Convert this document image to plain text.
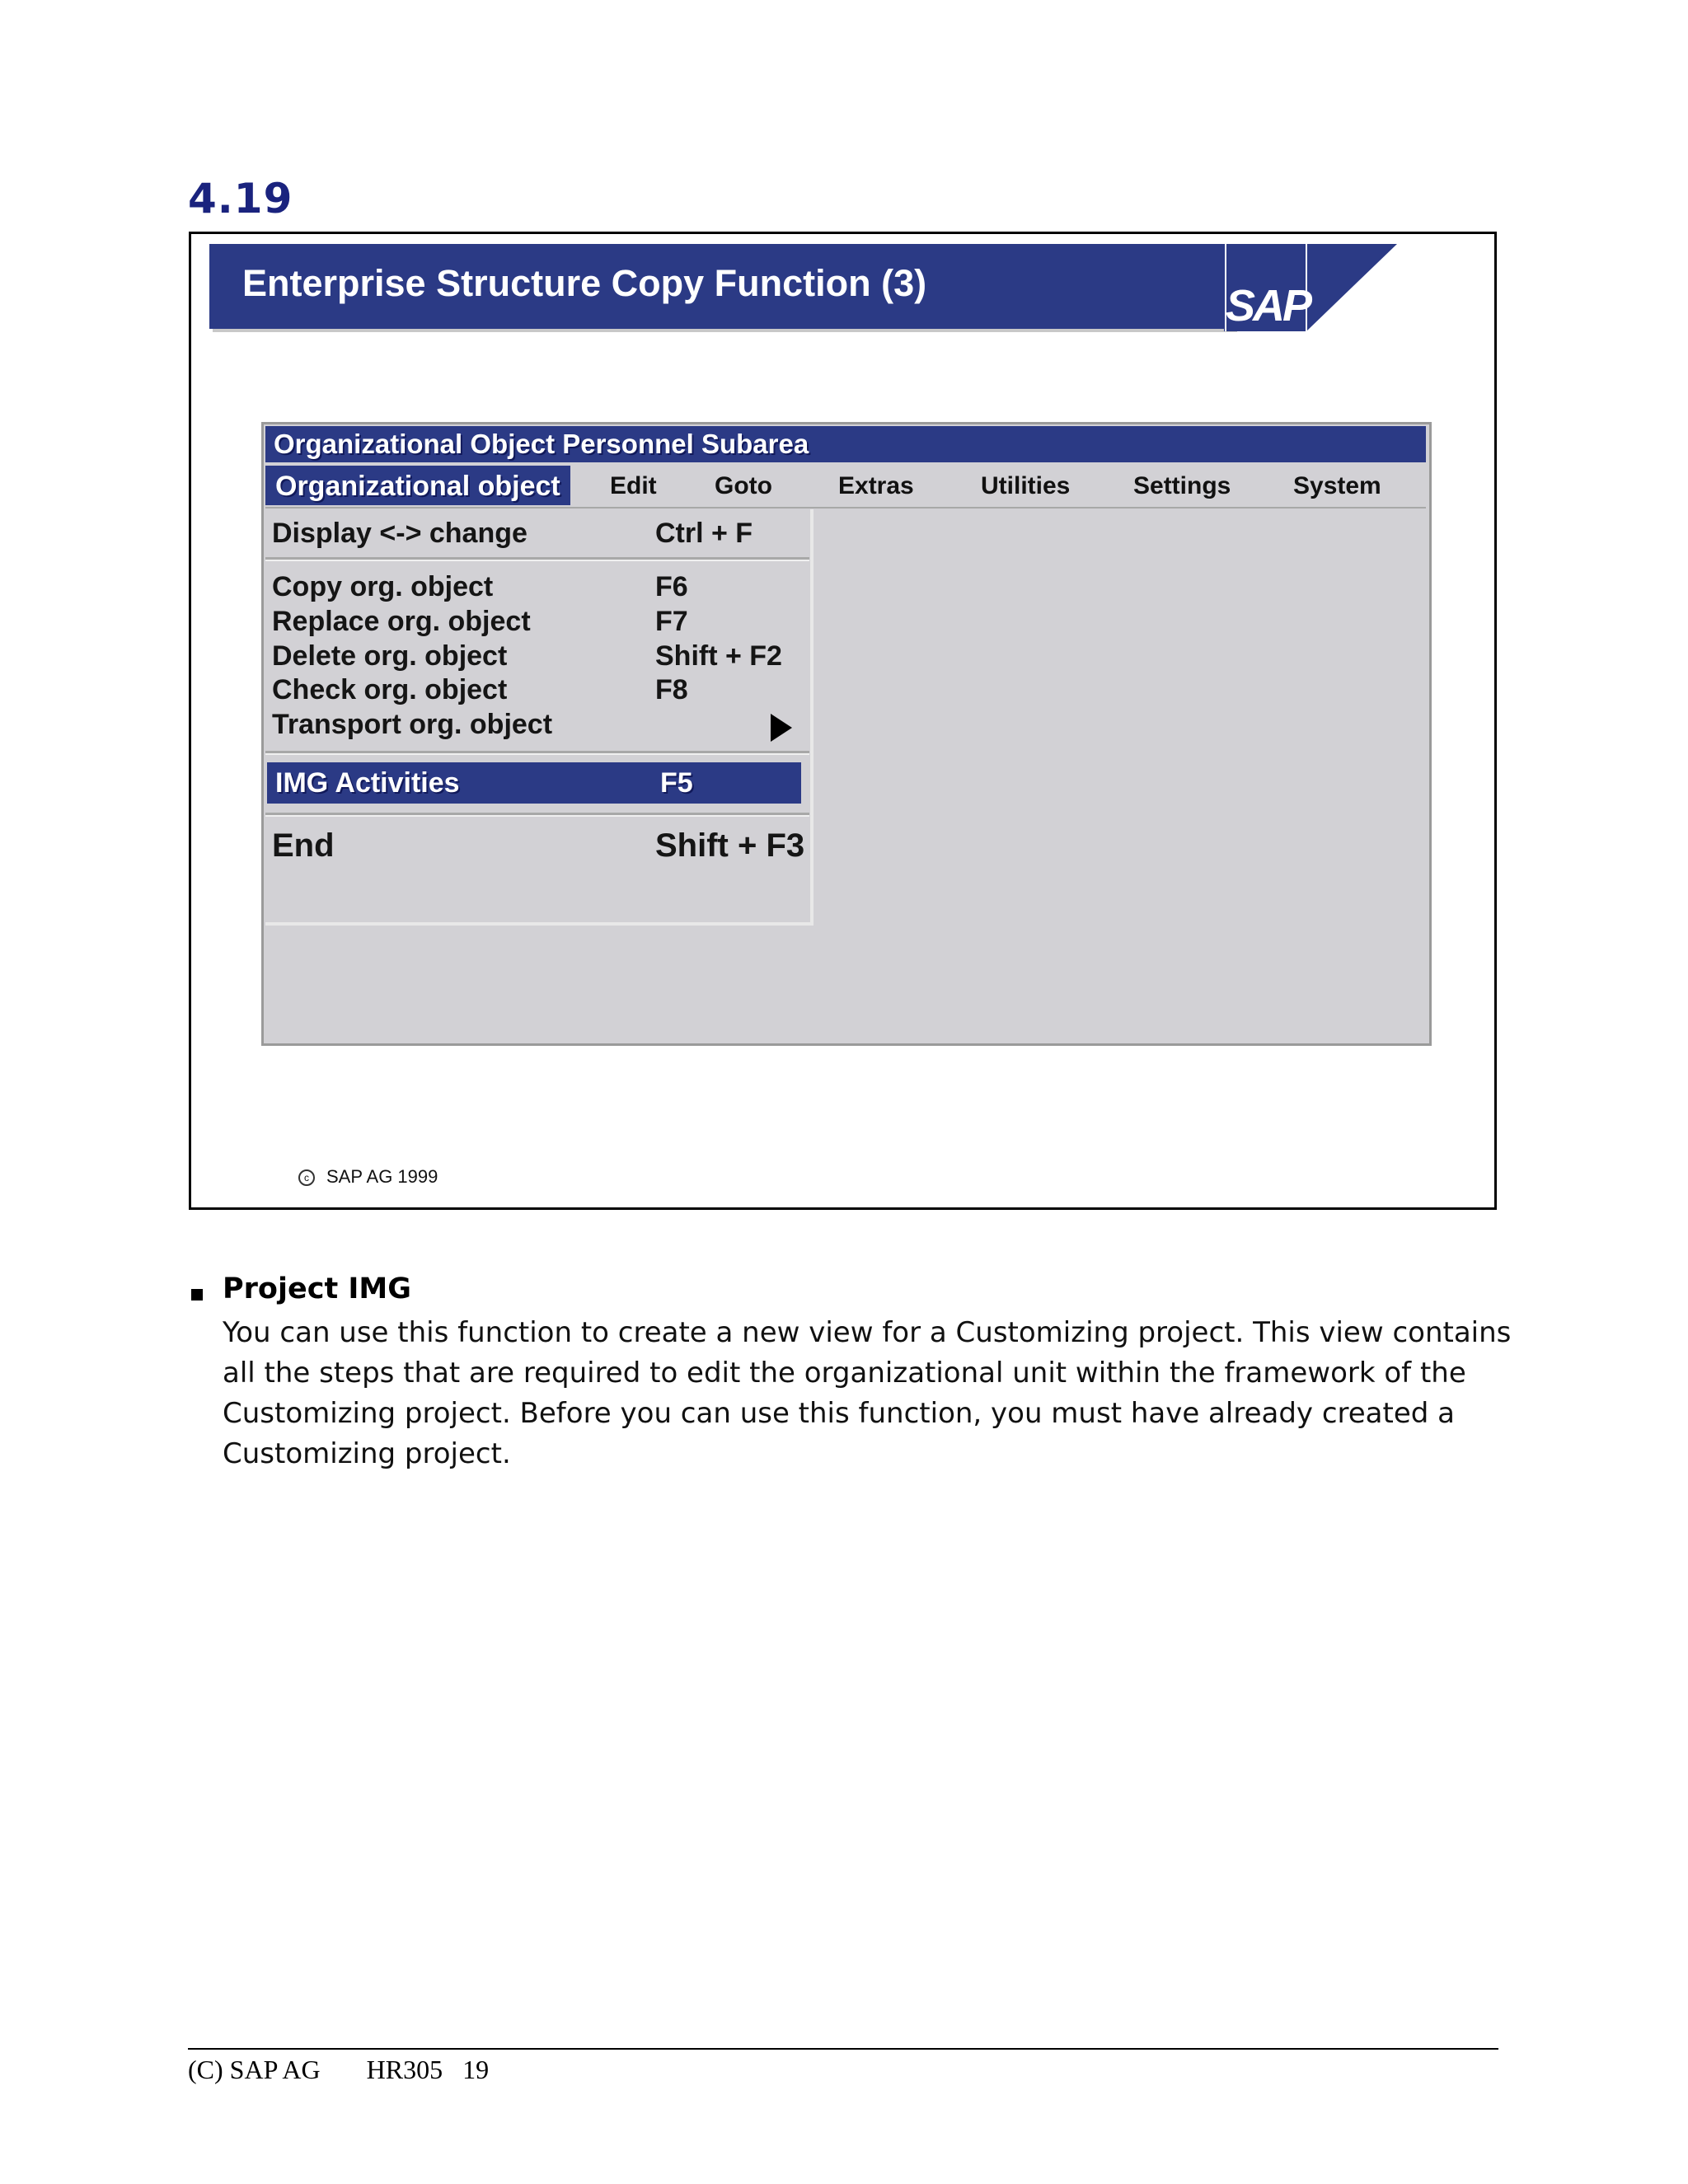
4.19
Enterprise Structure Copy Function (3)	SAP
Organizational Object Personnel Subarea
Organizational object	Edit Goto	Extras	Utilities	Settings	System
Display <-> change	Ctrl + F
Copy org. object	F6
Replace org. object	F7
Delete org. object	Shift + F2
Check org. object	F8
Transport org. object
IMG Activities	F5
End	Shift + F3
c SAP AG 1999
Project IMG
You can use this function to create a new view for a Customizing project. This view contains all the steps that are required to edit the organizational unit within the framework of the Customizing project. Before you can use this function, you must have already created a Customizing project.
(C) SAP AG HR305 19
